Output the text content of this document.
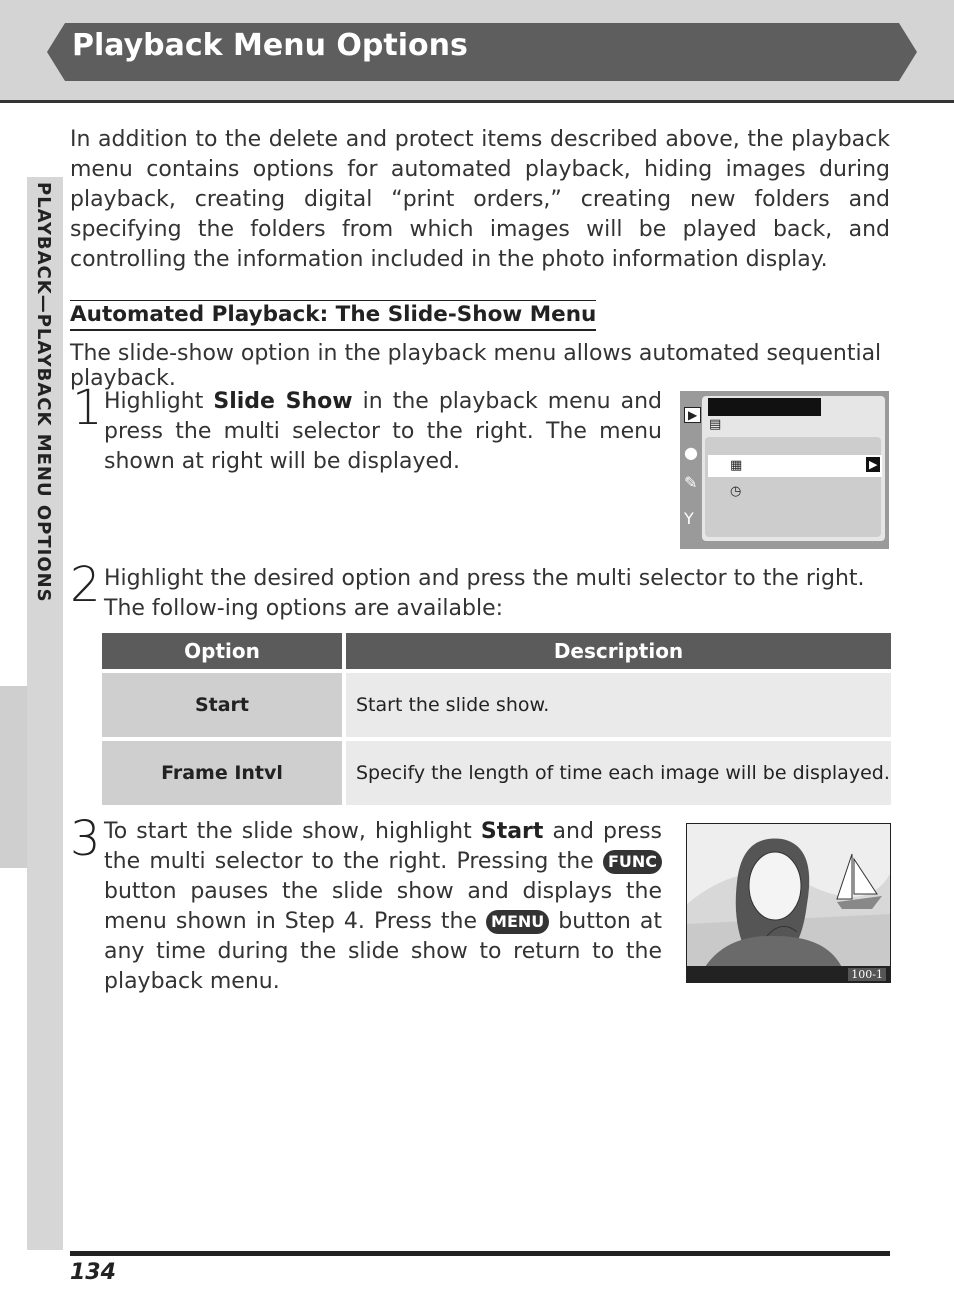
Playback Menu Options
PLAYBACK—PLAYBACK MENU OPTIONS
In addition to the delete and protect items described above, the playback menu contains options for automated playback, hiding images during playback, creating digital “print orders,” creating new folders and specifying the folders from which images will be played back, and controlling the information included in the photo information display.
Automated Playback: The Slide-Show Menu
The slide-show option in the playback menu allows automated sequential playback.
1 Highlight Slide Show in the playback menu and press the multi selector to the right. The menu shown at right will be displayed.
▶
●
✎
Y
▤
▦
◷
▶
2 Highlight the desired option and press the multi selector to the right. The follow-ing options are available:
Option	Description
Start	Start the slide show.
Frame Intvl	Specify the length of time each image will be displayed.
3 To start the slide show, highlight Start and press the multi selector to the right. Pressing the FUNC button pauses the slide show and displays the menu shown in Step 4. Press the MENU button at any time during the slide show to return to the playback menu.	100-1
134
